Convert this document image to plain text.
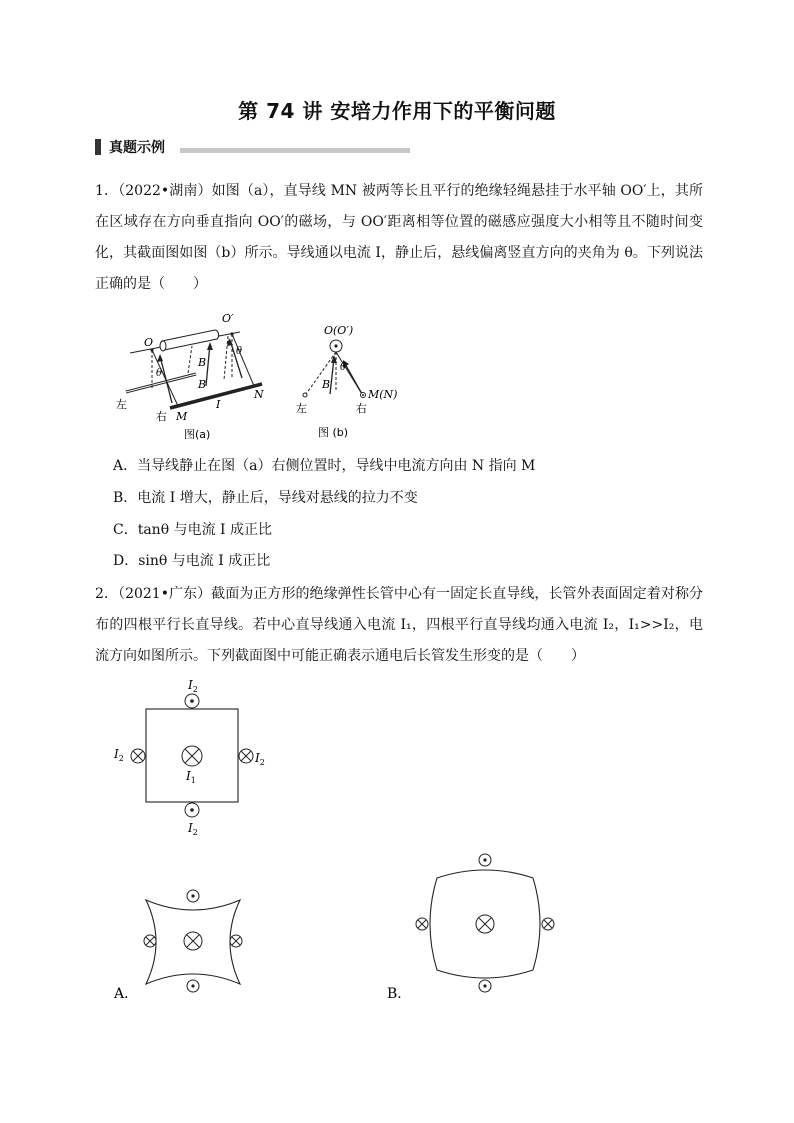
第 74 讲 安培力作用下的平衡问题
真题示例
1．（2022•湖南）如图（a），直导线 MN 被两等长且平行的绝缘轻绳悬挂于水平轴 OO′上，其所在区域存在方向垂直指向 OO′的磁场，与 OO′距离相等位置的磁感应强度大小相等且不随时间变化，其截面图如图（b）所示。导线通以电流 I，静止后，悬线偏离竖直方向的夹角为 θ。下列说法正确的是（　　）
O
O′
θ
θ
B
B
左
右 M
I
N
图(a)
O(O′)
θ
B
M(N)
左	右
图 (b)
A．当导线静止在图（a）右侧位置时，导线中电流方向由 N 指向 M
B．电流 I 增大，静止后，导线对悬线的拉力不变
C．tanθ 与电流 I 成正比
D．sinθ 与电流 I 成正比
2．（2021•广东）截面为正方形的绝缘弹性长管中心有一固定长直导线，长管外表面固定着对称分布的四根平行长直导线。若中心直导线通入电流 I₁，四根平行直导线均通入电流 I₂，I₁>>I₂，电流方向如图所示。下列截面图中可能正确表示通电后长管发生形变的是（　　）
$I_2$
$I_2$	$I_2$
$I_1$
$I_2$
A．	B．
